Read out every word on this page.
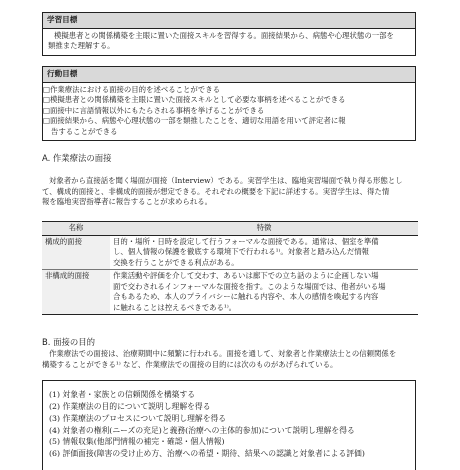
学習目標
模擬患者との関係構築を主眼に置いた面接スキルを習得する。面接結果から、病態や心理状態の一部を
類推また理解する。
行動目標
□作業療法における面接の目的を述べることができる
□模擬患者との関係構築を主眼に置いた面接スキルとして必要な事柄を述べることができる
□面接中に言語情報以外にもたらされる事柄を挙げることができる
□面接結果から、病態や心理状態の一部を類推したことを、適切な用語を用いて評定者に報
告することができる
A. 作業療法の面接
対象者から直接話を聞く場面が面接（Interview）である。実習学生は、臨地実習場面で執り得る形態とし
て、構成的面接と、非構成的面接が想定できる。それぞれの概要を下記に詳述する。実習学生は、得た情
報を臨地実習指導者に報告することが求められる。
名称	特徴
構成的面接	目的・場所・日時を設定して行うフォーマルな面接である。通常は、個室を準備
し、個人情報の保護を徹底する環境下で行われる¹⁾。対象者と踏み込んだ情報
交換を行うことができる利点がある。

非構成的面接	作業活動や評価を介して交わす、あるいは廊下での立ち話のように企画しない場
面で交わされるインフォーマルな面接を指す。このような場面では、他者がいる場
合もあるため、本人のプライバシーに触れる内容や、本人の感情を喚起する内容
に触れることは控えるべきである¹⁾。
B. 面接の目的
作業療法での面接は、治療期間中に頻繁に行われる。面接を通して、対象者と作業療法士との信頼関係を
構築することができる¹⁾ など、作業療法での面接の目的には次のものがあげられている。
(1) 対象者・家族との信頼関係を構築する
(2) 作業療法の目的について説明し理解を得る
(3) 作業療法のプロセスについて説明し理解を得る
(4) 対象者の権利(ニーズの充足)と義務(治療への主体的参加)について説明し理解を得る
(5) 情報収集(他部門情報の補完・確認・個人情報)
(6) 評価面接(障害の受け止め方、治療への希望・期待、結果への認識と対象者による評価)
